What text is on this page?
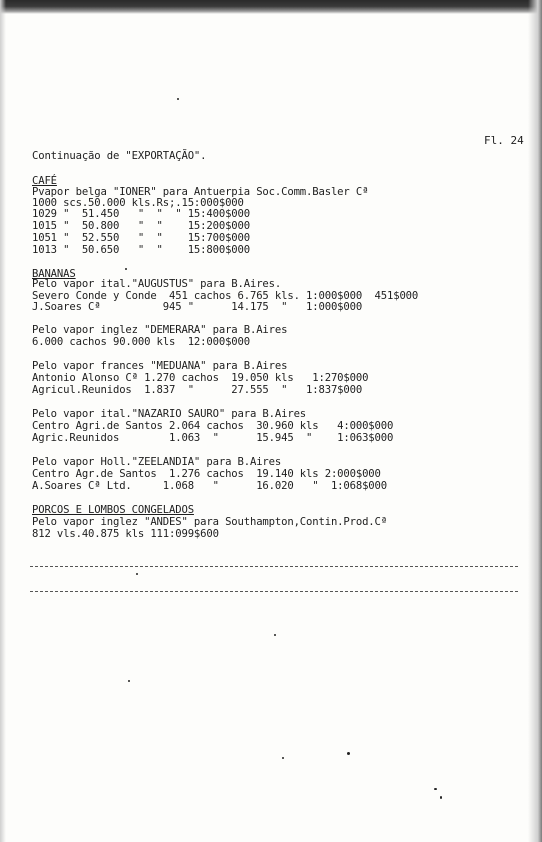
Fl. 24
Continuação de "EXPORTAÇÃO".
CAFÉ
Pvapor belga "IONER" para Antuerpia Soc.Comm.Basler Cª
1000 scs.50.000 kls.Rs;.15:000$000
1029 "  51.450   "  "  " 15:400$000
1015 "  50.800   "  "    15:200$000
1051 "  52.550   "  "    15:700$000
1013 "  50.650   "  "    15:800$000
BANANAS
Pelo vapor ital."AUGUSTUS" para B.Aires.
Severo Conde y Conde  451 cachos 6.765 kls. 1:000$000  451$000
J.Soares Cª          945 "      14.175  "   1:000$000
Pelo vapor inglez "DEMERARA" para B.Aires
6.000 cachos 90.000 kls  12:000$000
Pelo vapor frances "MEDUANA" para B.Aires
Antonio Alonso Cª 1.270 cachos  19.050 kls   1:270$000
Agricul.Reunidos  1.837  "      27.555  "   1:837$000
Pelo vapor ital."NAZARIO SAURO" para B.Aires
Centro Agri.de Santos 2.064 cachos  30.960 kls   4:000$000
Agric.Reunidos        1.063  "      15.945  "    1:063$000
Pelo vapor Holl."ZEELANDIA" para B.Aires
Centro Agr.de Santos  1.276 cachos  19.140 kls 2:000$000
A.Soares Cª Ltd.     1.068   "      16.020   "  1:068$000
PORCOS E LOMBOS CONGELADOS
Pelo vapor inglez "ANDES" para Southampton,Contin.Prod.Cª
812 vls.40.875 kls 111:099$600
